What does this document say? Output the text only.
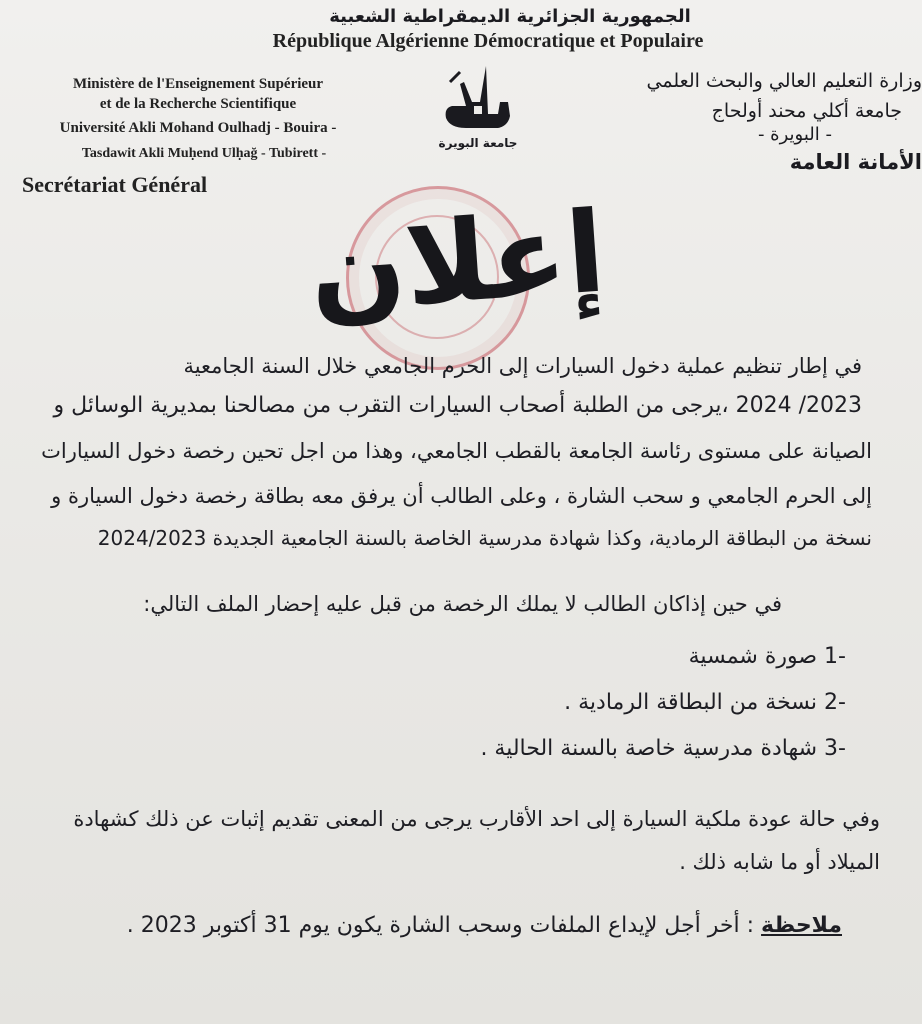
الجمهورية الجزائرية الديمقراطية الشعبية
République Algérienne Démocratique et Populaire
Ministère de l'Enseignement Supérieur
et de la Recherche Scientifique
Université Akli Mohand Oulhadj - Bouira -
Tasdawit Akli Muḥend Ulḥağ - Tubirett -
Secrétariat Général
وزارة التعليم العالي والبحث العلمي
جامعة أكلي محند أولحاج
- البويرة -
الأمانة العامة
جامعة البويرة
إعلان
في إطار تنظيم عملية دخول السيارات إلى الحرم الجامعي خلال السنة الجامعية
2023/ 2024 ،يرجى من الطلبة أصحاب السيارات التقرب من مصالحنا بمديرية الوسائل و
الصيانة على مستوى رئاسة الجامعة بالقطب الجامعي، وهذا من اجل تحين رخصة دخول السيارات
إلى الحرم الجامعي و سحب الشارة ، وعلى الطالب أن يرفق معه بطاقة رخصة دخول السيارة و
نسخة من البطاقة الرمادية، وكذا شهادة مدرسية الخاصة بالسنة الجامعية الجديدة 2024/2023
في حين إذاكان الطالب لا يملك الرخصة من قبل عليه إحضار الملف التالي:
-1 صورة شمسية
-2 نسخة من البطاقة الرمادية .
-3 شهادة مدرسية خاصة بالسنة الحالية .
وفي حالة عودة ملكية السيارة إلى احد الأقارب يرجى من المعنى تقديم إثبات عن ذلك كشهادة
الميلاد أو ما شابه ذلك .
ملاحظة : أخر أجل لإيداع الملفات وسحب الشارة يكون يوم 31 أكتوبر 2023 .
